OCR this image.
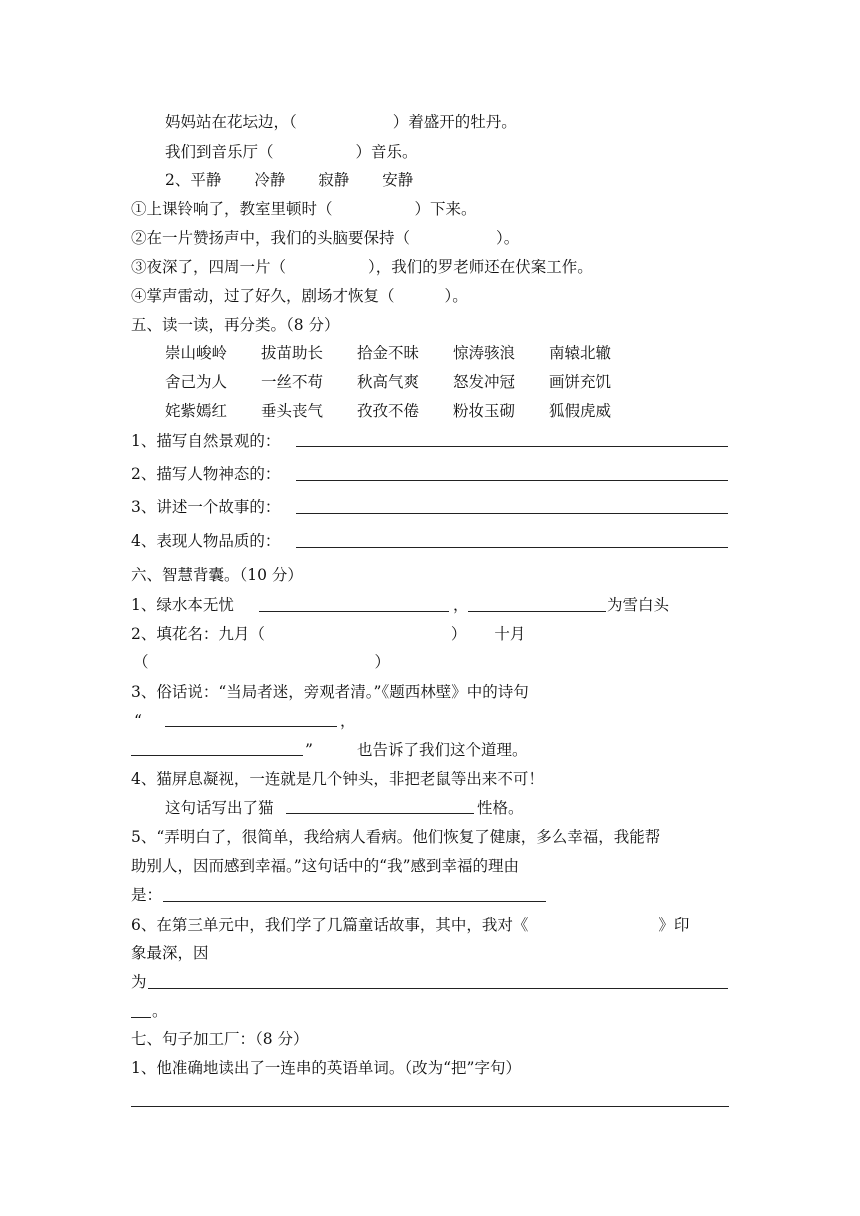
妈妈站在花坛边，（	）着盛开的牡丹。
我们到音乐厅（	）音乐。
2、平静 冷静 寂静 安静
①上课铃响了，教室里顿时（	）下来。
②在一片赞扬声中，我们的头脑要保持（	）。
③夜深了，四周一片（	），我们的罗老师还在伏案工作。
④掌声雷动，过了好久，剧场才恢复（	）。
五、读一读，再分类。（8 分）
崇山峻岭 拔苗助长 拾金不昧 惊涛骇浪 南辕北辙
舍己为人 一丝不苟 秋高气爽 怒发冲冠 画饼充饥
姹紫嫣红 垂头丧气 孜孜不倦 粉妆玉砌 狐假虎威
1、描写自然景观的：
2、描写人物神态的：
3、讲述一个故事的：
4、表现人物品质的：
六、智慧背囊。（10 分）
1、绿水本无忧	，	为雪白头
2、填花名：九月（	） 十月
（	）
3、俗话说：“当局者迷，旁观者清。”《题西林壁》中的诗句
“	，
”	也告诉了我们这个道理。
4、猫屏息凝视，一连就是几个钟头，非把老鼠等出来不可！
这句话写出了猫	性格。
5、“弄明白了，很简单，我给病人看病。他们恢复了健康，多么幸福，我能帮
助别人，因而感到幸福。”这句话中的“我”感到幸福的理由
是：
6、在第三单元中，我们学了几篇童话故事，其中，我对《	》印
象最深，因
为
。
七、句子加工厂：（8 分）
1、他准确地读出了一连串的英语单词。（改为“把”字句）
